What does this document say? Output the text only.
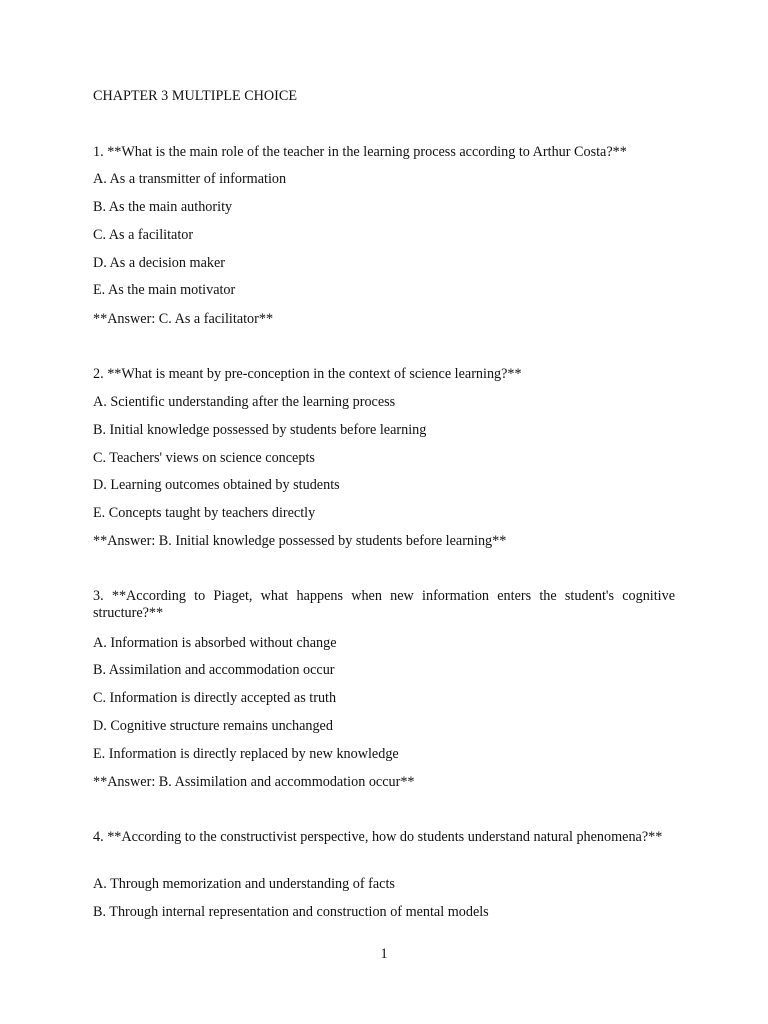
CHAPTER 3 MULTIPLE CHOICE
1. **What is the main role of the teacher in the learning process according to Arthur Costa?**
A. As a transmitter of information
B. As the main authority
C. As a facilitator
D. As a decision maker
E. As the main motivator
**Answer: C. As a facilitator**
2. **What is meant by pre-conception in the context of science learning?**
A. Scientific understanding after the learning process
B. Initial knowledge possessed by students before learning
C. Teachers' views on science concepts
D. Learning outcomes obtained by students
E. Concepts taught by teachers directly
**Answer: B. Initial knowledge possessed by students before learning**
3. **According to Piaget, what happens when new information enters the student's cognitive structure?**
A. Information is absorbed without change
B. Assimilation and accommodation occur
C. Information is directly accepted as truth
D. Cognitive structure remains unchanged
E. Information is directly replaced by new knowledge
**Answer: B. Assimilation and accommodation occur**
4. **According to the constructivist perspective, how do students understand natural phenomena?**
A. Through memorization and understanding of facts
B. Through internal representation and construction of mental models
1
